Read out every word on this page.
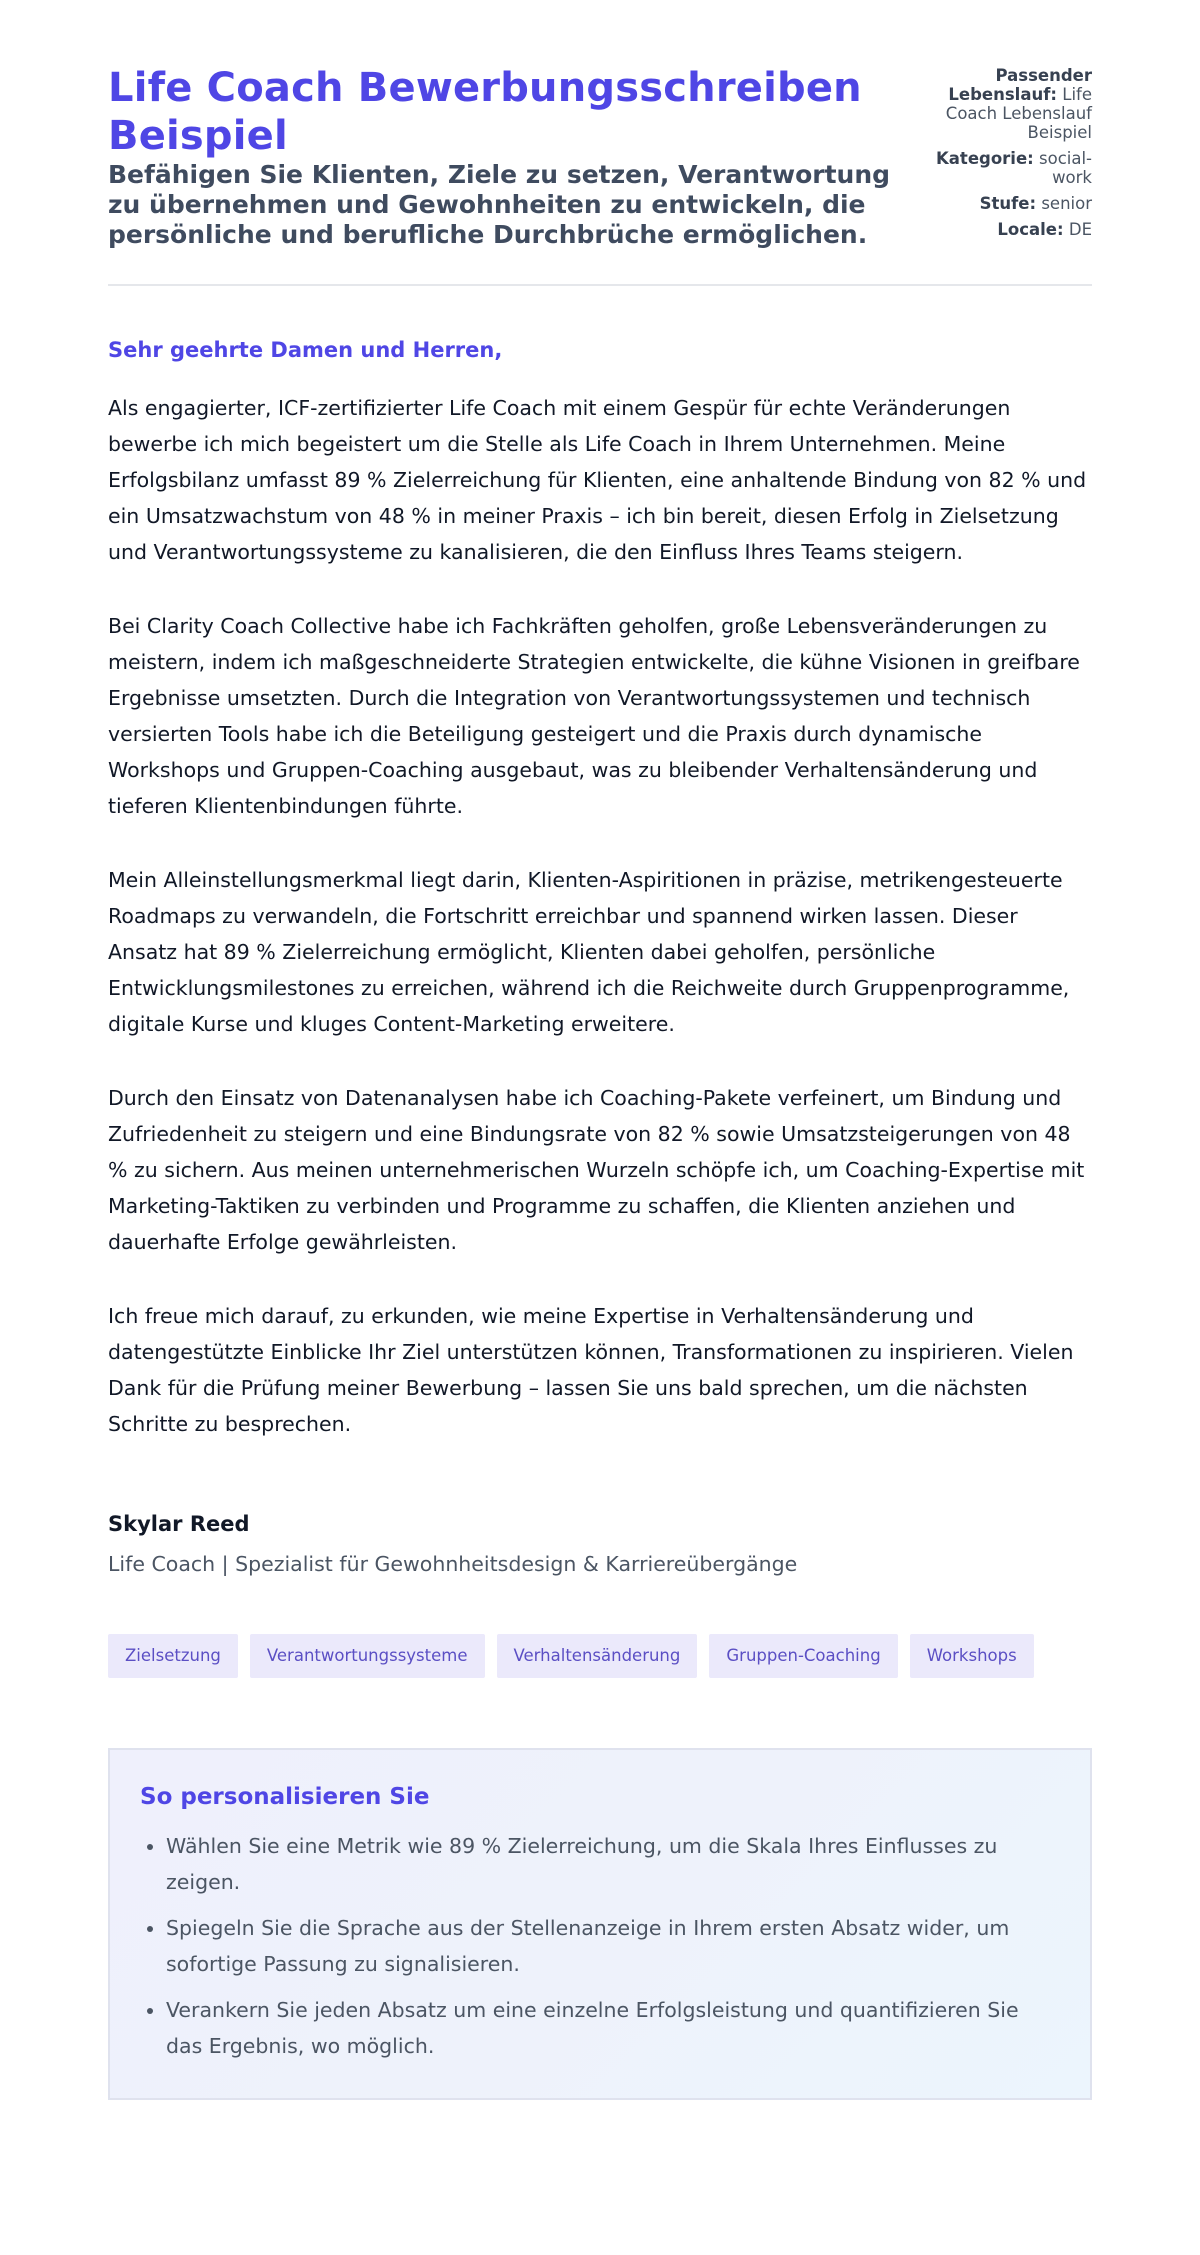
Life Coach Bewerbungsschreiben Beispiel
Befähigen Sie Klienten, Ziele zu setzen, Verantwortung zu übernehmen und Gewohnheiten zu entwickeln, die persönliche und berufliche Durchbrüche ermöglichen.
Passender Lebenslauf: Life Coach Lebenslauf Beispiel
Kategorie: social-work
Stufe: senior
Locale: DE

Sehr geehrte Damen und Herren,

Als engagierter, ICF-zertifizierter Life Coach mit einem Gespür für echte Veränderungen bewerbe ich mich begeistert um die Stelle als Life Coach in Ihrem Unternehmen. Meine Erfolgsbilanz umfasst 89 % Zielerreichung für Klienten, eine anhaltende Bindung von 82 % und ein Umsatzwachstum von 48 % in meiner Praxis – ich bin bereit, diesen Erfolg in Zielsetzung und Verantwortungssysteme zu kanalisieren, die den Einfluss Ihres Teams steigern.

Bei Clarity Coach Collective habe ich Fachkräften geholfen, große Lebensveränderungen zu meistern, indem ich maßgeschneiderte Strategien entwickelte, die kühne Visionen in greifbare Ergebnisse umsetzten. Durch die Integration von Verantwortungssystemen und technisch versierten Tools habe ich die Beteiligung gesteigert und die Praxis durch dynamische Workshops und Gruppen-Coaching ausgebaut, was zu bleibender Verhaltensänderung und tieferen Klientenbindungen führte.

Mein Alleinstellungsmerkmal liegt darin, Klienten-Aspiritionen in präzise, metrikengesteuerte Roadmaps zu verwandeln, die Fortschritt erreichbar und spannend wirken lassen. Dieser Ansatz hat 89 % Zielerreichung ermöglicht, Klienten dabei geholfen, persönliche Entwicklungsmilestones zu erreichen, während ich die Reichweite durch Gruppenprogramme, digitale Kurse und kluges Content-Marketing erweitere.

Durch den Einsatz von Datenanalysen habe ich Coaching-Pakete verfeinert, um Bindung und Zufriedenheit zu steigern und eine Bindungsrate von 82 % sowie Umsatzsteigerungen von 48 % zu sichern. Aus meinen unternehmerischen Wurzeln schöpfe ich, um Coaching-Expertise mit Marketing-Taktiken zu verbinden und Programme zu schaffen, die Klienten anziehen und dauerhafte Erfolge gewährleisten.

Ich freue mich darauf, zu erkunden, wie meine Expertise in Verhaltensänderung und datengestützte Einblicke Ihr Ziel unterstützen können, Transformationen zu inspirieren. Vielen Dank für die Prüfung meiner Bewerbung – lassen Sie uns bald sprechen, um die nächsten Schritte zu besprechen.

Skylar Reed
Life Coach | Spezialist für Gewohnheitsdesign & Karriereübergänge
Zielsetzung	Verantwortungssysteme	Verhaltensänderung	Gruppen-Coaching	Workshops
So personalisieren Sie
• Wählen Sie eine Metrik wie 89 % Zielerreichung, um die Skala Ihres Einflusses zu zeigen.
• Spiegeln Sie die Sprache aus der Stellenanzeige in Ihrem ersten Absatz wider, um sofortige Passung zu signalisieren.
• Verankern Sie jeden Absatz um eine einzelne Erfolgsleistung und quantifizieren Sie das Ergebnis, wo möglich.
